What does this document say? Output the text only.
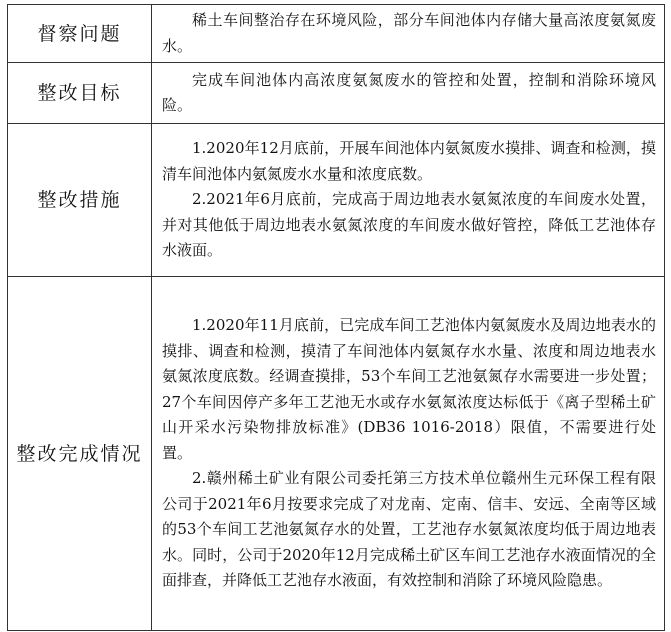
督察问题	稀土车间整治存在环境风险，部分车间池体内存储大量高浓度氨氮废水。

整改目标	完成车间池体内高浓度氨氮废水的管控和处置，控制和消除环境风险。

整改措施	1.2020年12月底前，开展车间池体内氨氮废水摸排、调查和检测，摸清车间池体内氨氮废水水量和浓度底数。

2.2021年6月底前，完成高于周边地表水氨氮浓度的车间废水处置，并对其他低于周边地表水氨氮浓度的车间废水做好管控，降低工艺池体存水液面。

整改完成情况	1.2020年11月底前，已完成车间工艺池体内氨氮废水及周边地表水的摸排、调查和检测，摸清了车间池体内氨氮存水水量、浓度和周边地表水氨氮浓度底数。经调查摸排，53个车间工艺池氨氮存水需要进一步处置；27个车间因停产多年工艺池无水或存水氨氮浓度达标低于《离子型稀土矿山开采水污染物排放标准》(DB36 1016-2018）限值，不需要进行处置。

2.赣州稀土矿业有限公司委托第三方技术单位赣州生元环保工程有限公司于2021年6月按要求完成了对龙南、定南、信丰、安远、全南等区域的53个车间工艺池氨氮存水的处置，工艺池存水氨氮浓度均低于周边地表水。同时，公司于2020年12月完成稀土矿区车间工艺池存水液面情况的全面排查，并降低工艺池存水液面，有效控制和消除了环境风险隐患。
